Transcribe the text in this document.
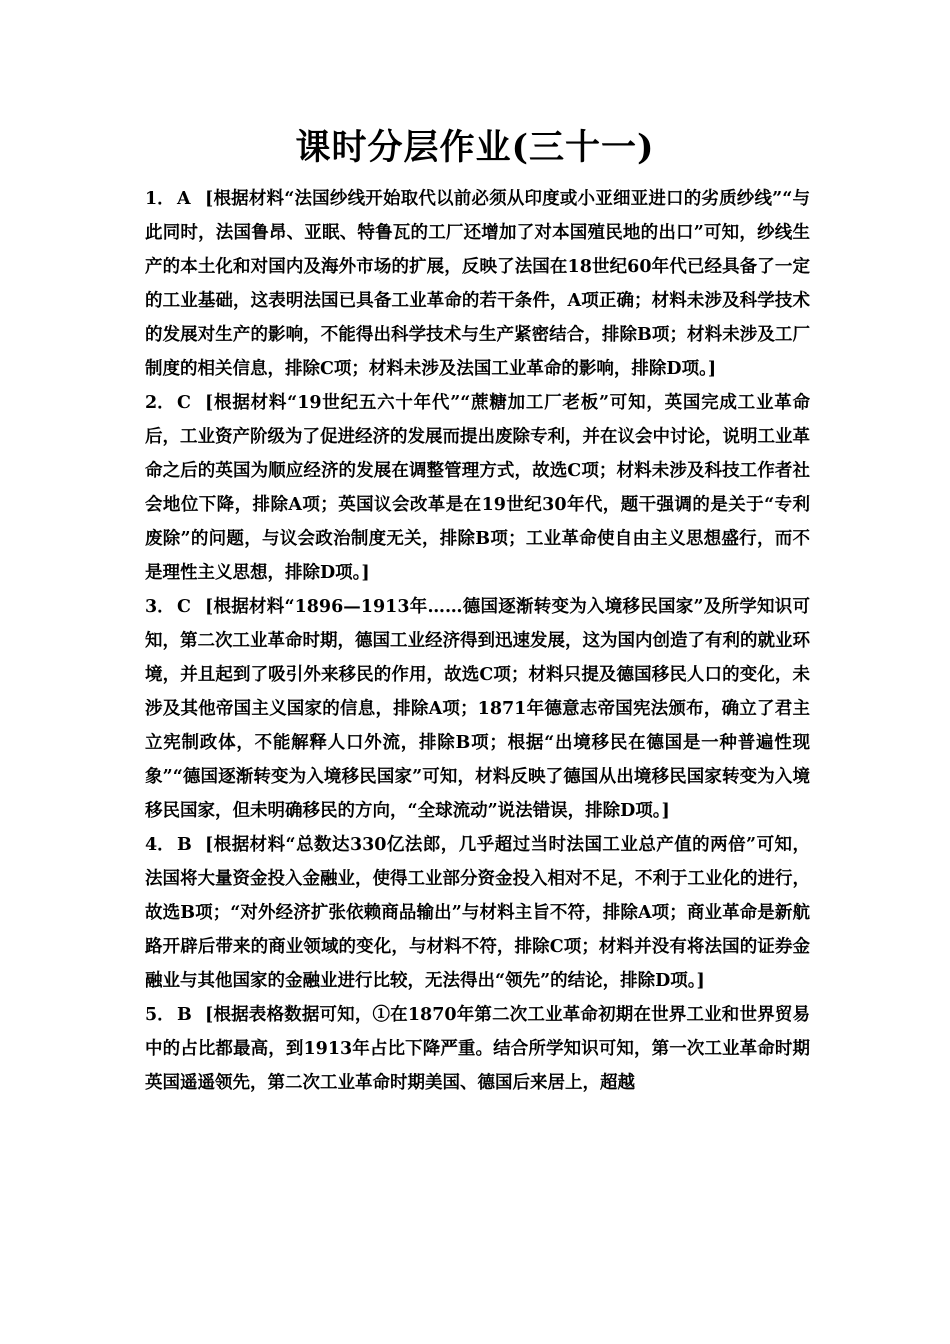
课时分层作业(三十一)

1． A [根据材料“法国纱线开始取代以前必须从印度或小亚细亚进口的劣质纱线”“与此同时，法国鲁昂、亚眠、特鲁瓦的工厂还增加了对本国殖民地的出口”可知，纱线生产的本土化和对国内及海外市场的扩展，反映了法国在18世纪60年代已经具备了一定的工业基础，这表明法国已具备工业革命的若干条件，A项正确；材料未涉及科学技术的发展对生产的影响，不能得出科学技术与生产紧密结合，排除B项；材料未涉及工厂制度的相关信息，排除C项；材料未涉及法国工业革命的影响，排除D项。]

2． C [根据材料“19世纪五六十年代”“蔗糖加工厂老板”可知，英国完成工业革命后，工业资产阶级为了促进经济的发展而提出废除专利，并在议会中讨论，说明工业革命之后的英国为顺应经济的发展在调整管理方式，故选C项；材料未涉及科技工作者社会地位下降，排除A项；英国议会改革是在19世纪30年代，题干强调的是关于“专利废除”的问题，与议会政治制度无关，排除B项；工业革命使自由主义思想盛行，而不是理性主义思想，排除D项。]

3． C [根据材料“1896—1913年……德国逐渐转变为入境移民国家”及所学知识可知，第二次工业革命时期，德国工业经济得到迅速发展，这为国内创造了有利的就业环境，并且起到了吸引外来移民的作用，故选C项；材料只提及德国移民人口的变化，未涉及其他帝国主义国家的信息，排除A项；1871年德意志帝国宪法颁布，确立了君主立宪制政体，不能解释人口外流，排除B项；根据“出境移民在德国是一种普遍性现象”“德国逐渐转变为入境移民国家”可知，材料反映了德国从出境移民国家转变为入境移民国家，但未明确移民的方向，“全球流动”说法错误，排除D项。]

4． B [根据材料“总数达330亿法郎，几乎超过当时法国工业总产值的两倍”可知，法国将大量资金投入金融业，使得工业部分资金投入相对不足，不利于工业化的进行，故选B项；“对外经济扩张依赖商品输出”与材料主旨不符，排除A项；商业革命是新航路开辟后带来的商业领域的变化，与材料不符，排除C项；材料并没有将法国的证券金融业与其他国家的金融业进行比较，无法得出“领先”的结论，排除D项。]

5． B [根据表格数据可知，①在1870年第二次工业革命初期在世界工业和世界贸易中的占比都最高，到1913年占比下降严重。结合所学知识可知，第一次工业革命时期英国遥遥领先，第二次工业革命时期美国、德国后来居上，超越
